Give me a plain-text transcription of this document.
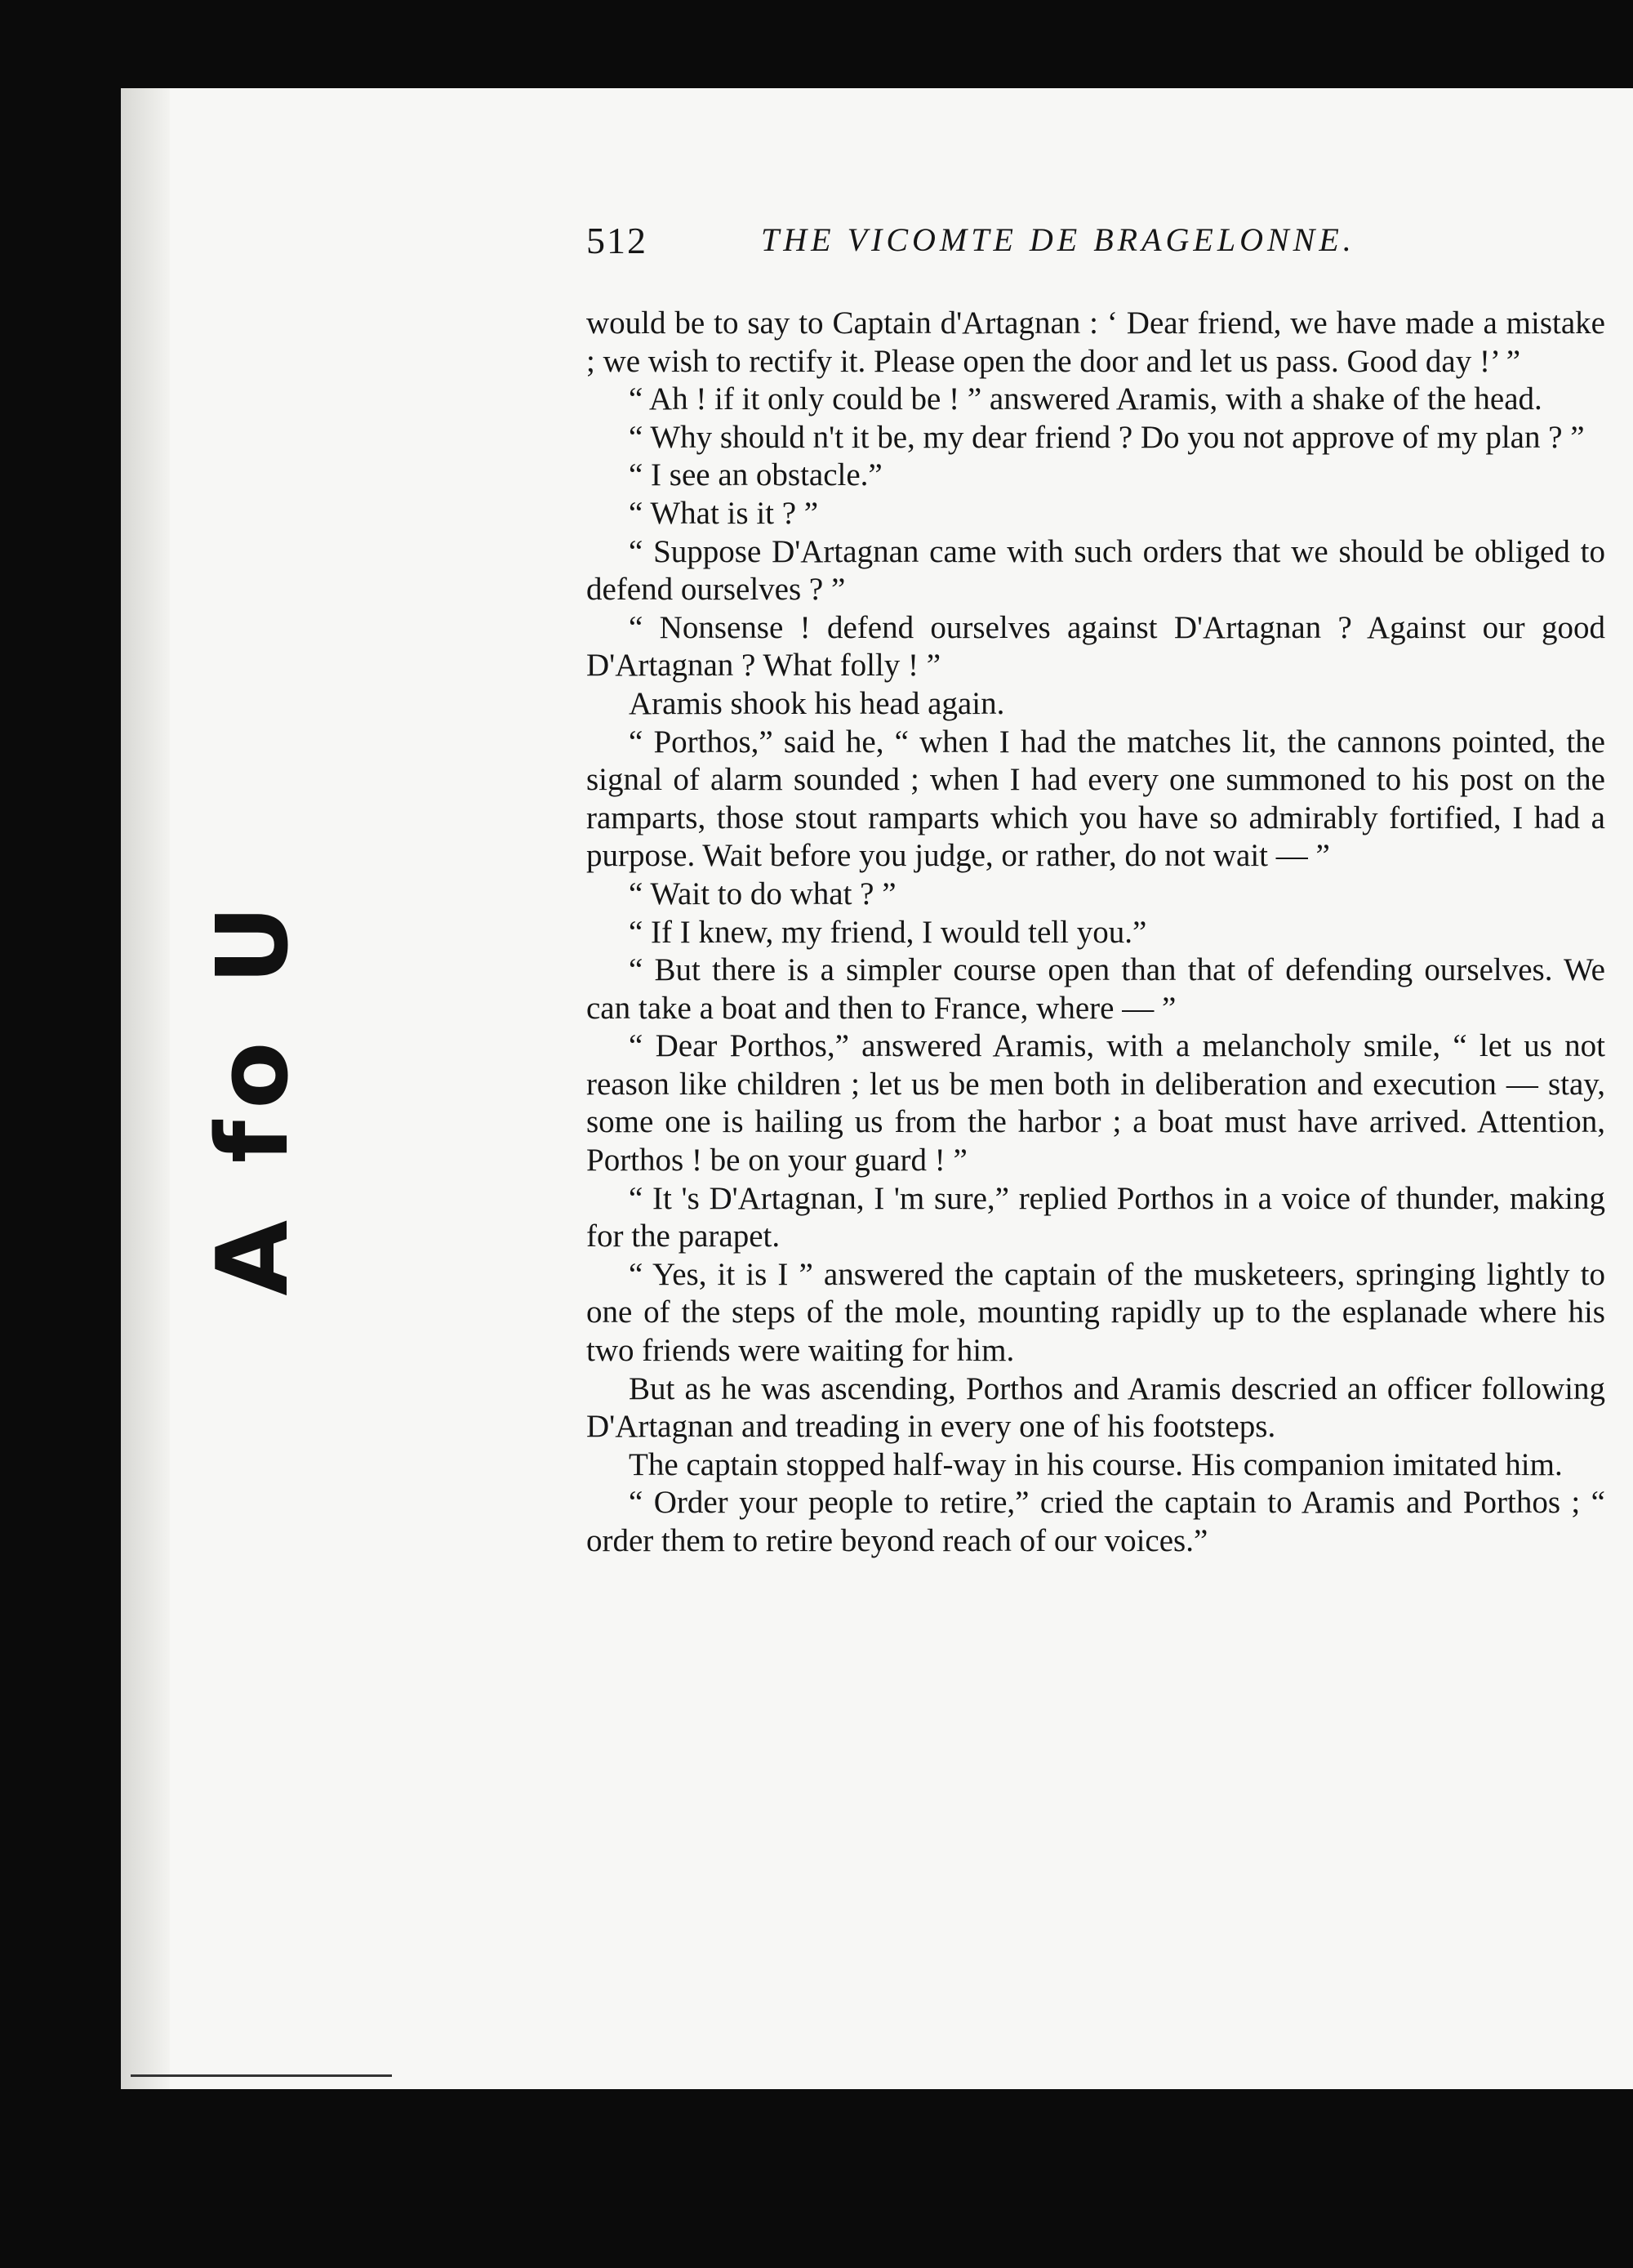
A fo U
512	THE VICOMTE DE BRAGELONNE.

would be to say to Captain d'Artagnan : ‘ Dear friend, we have made a mistake ; we wish to rectify it. Please open the door and let us pass. Good day !’ ”

“ Ah ! if it only could be ! ” answered Aramis, with a shake of the head.

“ Why should n't it be, my dear friend ? Do you not approve of my plan ? ”

“ I see an obstacle.”

“ What is it ? ”

“ Suppose D'Artagnan came with such orders that we should be obliged to defend ourselves ? ”

“ Nonsense ! defend ourselves against D'Artagnan ? Against our good D'Artagnan ? What folly ! ”

Aramis shook his head again.

“ Porthos,” said he, “ when I had the matches lit, the cannons pointed, the signal of alarm sounded ; when I had every one summoned to his post on the ramparts, those stout ramparts which you have so admirably fortified, I had a purpose. Wait before you judge, or rather, do not wait — ”

“ Wait to do what ? ”

“ If I knew, my friend, I would tell you.”

“ But there is a simpler course open than that of defending ourselves. We can take a boat and then to France, where — ”

“ Dear Porthos,” answered Aramis, with a melancholy smile, “ let us not reason like children ; let us be men both in deliberation and execution — stay, some one is hailing us from the harbor ; a boat must have arrived. Attention, Porthos ! be on your guard ! ”

“ It 's D'Artagnan, I 'm sure,” replied Porthos in a voice of thunder, making for the parapet.

“ Yes, it is I ” answered the captain of the musketeers, springing lightly to one of the steps of the mole, mounting rapidly up to the esplanade where his two friends were waiting for him.

But as he was ascending, Porthos and Aramis descried an officer following D'Artagnan and treading in every one of his footsteps.

The captain stopped half-way in his course. His companion imitated him.

“ Order your people to retire,” cried the captain to Aramis and Porthos ; “ order them to retire beyond reach of our voices.”
